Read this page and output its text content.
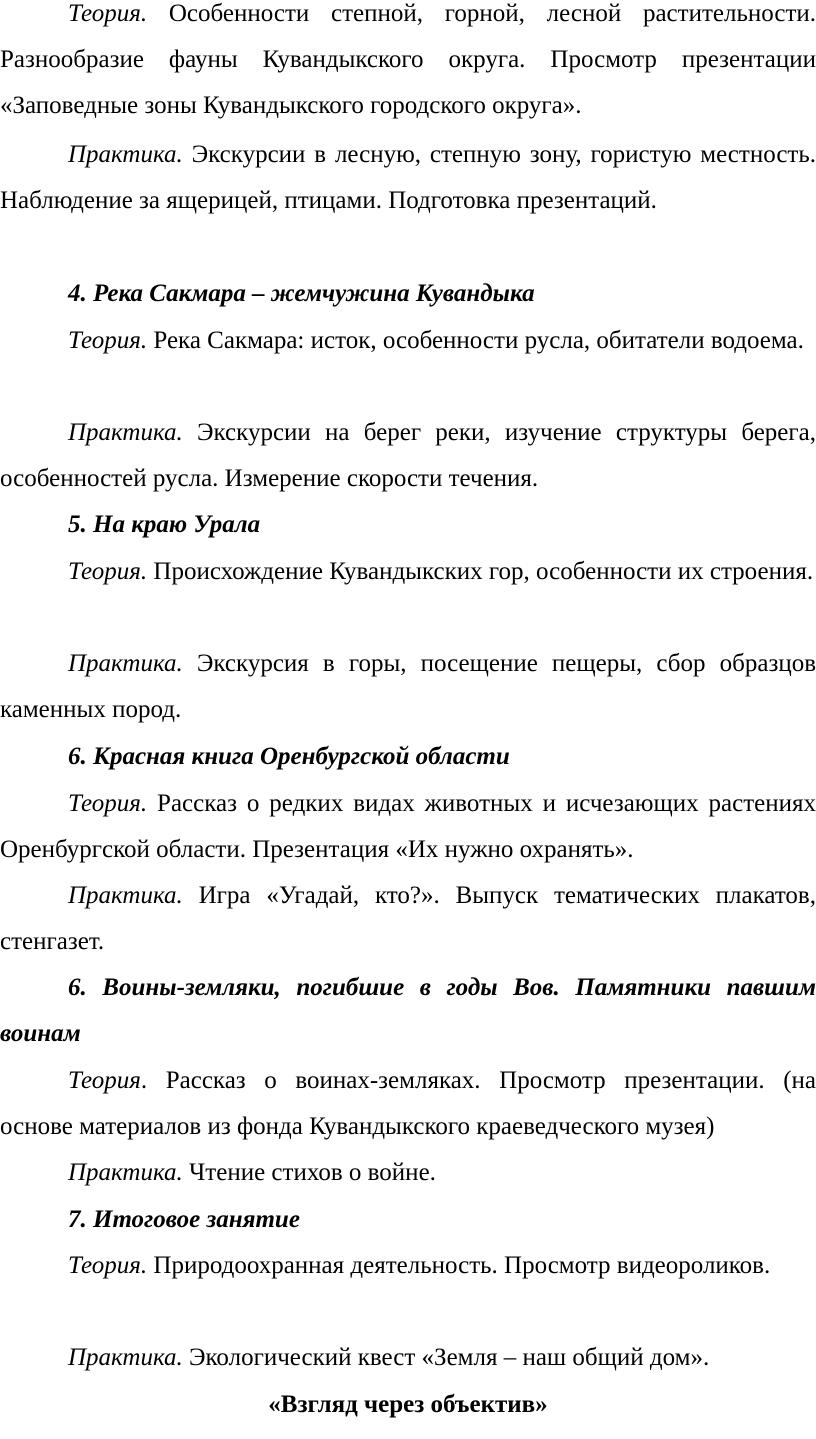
Теория. Особенности степной, горной, лесной растительности. Разнообразие фауны Кувандыкского округа. Просмотр презентации «Заповедные зоны Кувандыкского городского округа».

Практика. Экскурсии в лесную, степную зону, гористую местность. Наблюдение за ящерицей, птицами. Подготовка презентаций.

4. Река Сакмара – жемчужина Кувандыка

Теория. Река Сакмара: исток, особенности русла, обитатели водоема.

Практика. Экскурсии на берег реки, изучение структуры берега, особенностей русла. Измерение скорости течения.

5. На краю Урала

Теория. Происхождение Кувандыкских гор, особенности их строения.

Практика. Экскурсия в горы, посещение пещеры, сбор образцов каменных пород.

6. Красная книга Оренбургской области

Теория. Рассказ о редких видах животных и исчезающих растениях Оренбургской области. Презентация «Их нужно охранять».

Практика. Игра «Угадай, кто?». Выпуск тематических плакатов, стенгазет.

6. Воины-земляки, погибшие в годы Вов. Памятники павшим воинам

Теория. Рассказ о воинах-земляках. Просмотр презентации. (на основе материалов из фонда Кувандыкского краеведческого музея)

Практика. Чтение стихов о войне.

7. Итоговое занятие

Теория. Природоохранная деятельность. Просмотр видеороликов.

Практика. Экологический квест «Земля – наш общий дом».

«Взгляд через объектив»
